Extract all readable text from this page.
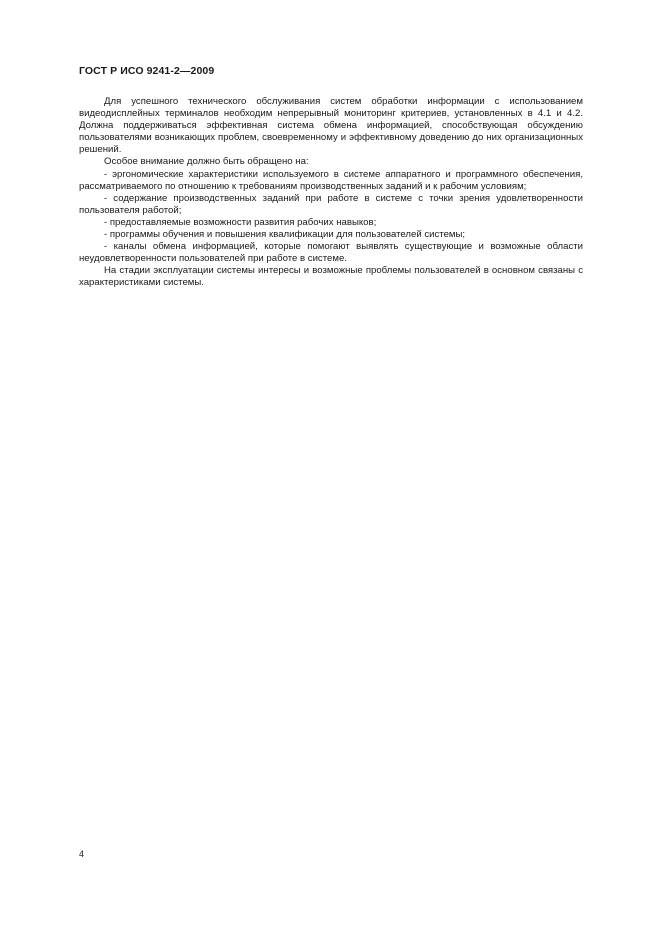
ГОСТ Р ИСО 9241-2—2009

Для успешного технического обслуживания систем обработки информации с использованием видеодисплейных терминалов необходим непрерывный мониторинг критериев, установленных в 4.1 и 4.2. Должна поддерживаться эффективная система обмена информацией, способствующая обсуждению пользователями возникающих проблем, своевременному и эффективному доведению до них организационных решений.

Особое внимание должно быть обращено на:

- эргономические характеристики используемого в системе аппаратного и программного обеспечения, рассматриваемого по отношению к требованиям производственных заданий и к рабочим условиям;

- содержание производственных заданий при работе в системе с точки зрения удовлетворенности пользователя работой;

- предоставляемые возможности развития рабочих навыков;

- программы обучения и повышения квалификации для пользователей системы;

- каналы обмена информацией, которые помогают выявлять существующие и возможные области неудовлетворенности пользователей при работе в системе.

На стадии эксплуатации системы интересы и возможные проблемы пользователей в основном связаны с характеристиками системы.

4
